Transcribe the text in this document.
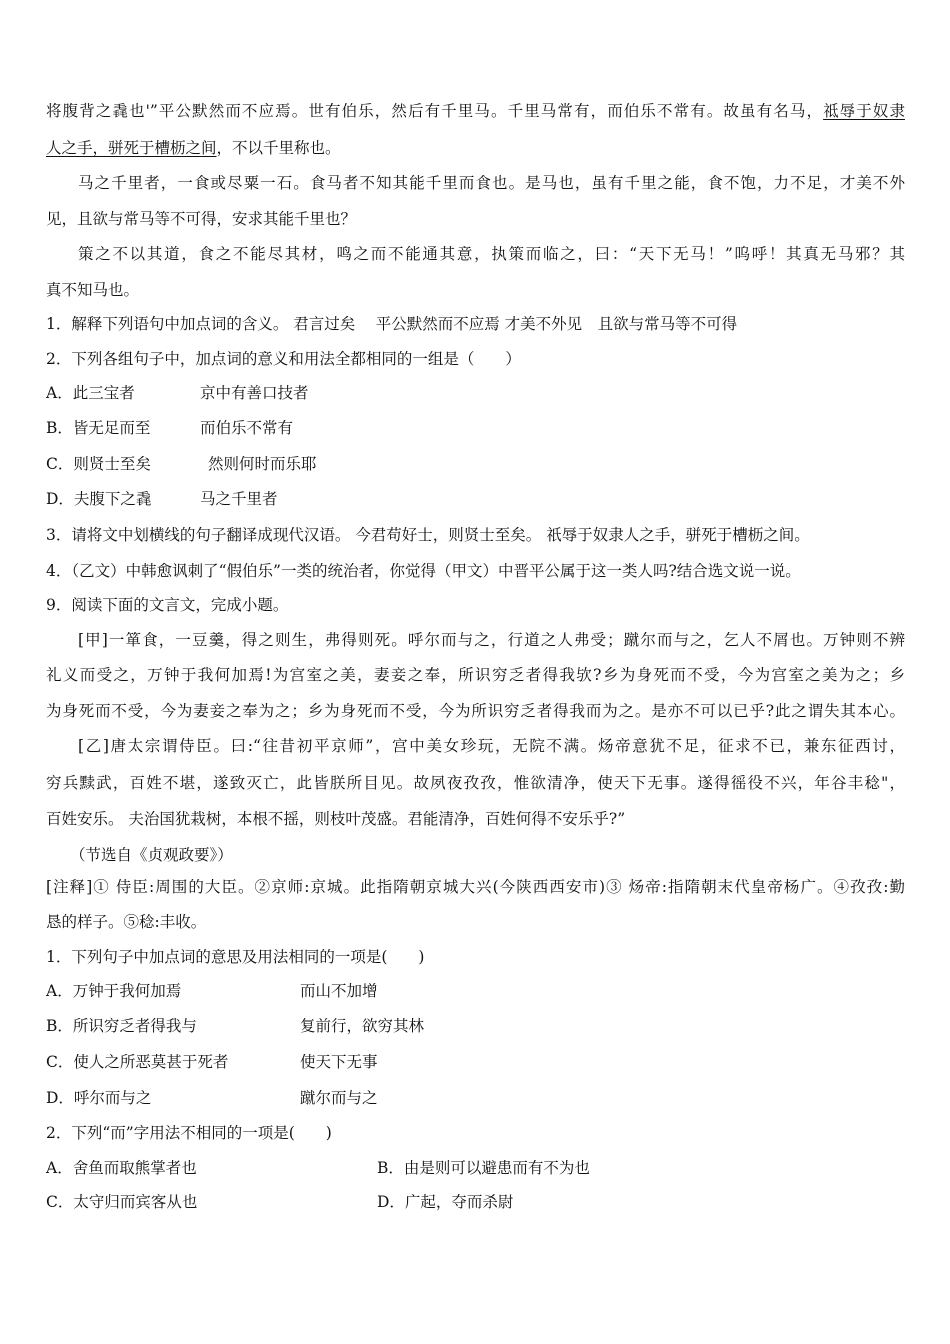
将腹背之毳也'”平公默然而不应焉。世有伯乐，然后有千里马。千里马常有，而伯乐不常有。故虽有名马，祗辱于奴隶
人之手，骈死于槽枥之间，不以千里称也。
马之千里者，一食或尽粟一石。食马者不知其能千里而食也。是马也，虽有千里之能，食不饱，力不足，才美不外
见，且欲与常马等不可得，安求其能千里也？
策之不以其道，食之不能尽其材，鸣之而不能通其意，执策而临之，曰：“天下无马！”呜呼！其真无马邪？其
真不知马也。
1．解释下列语句中加点词的含义。 君言过矣　 平公默然而不应焉 才美不外见　且欲与常马等不可得
2．下列各组句子中，加点词的意义和用法全都相同的一组是（　　）
A．此三宝者	京中有善口技者
B．皆无足而至	而伯乐不常有
C．则贤士至矣	然则何时而乐耶
D．夫腹下之毳	马之千里者
3．请将文中划横线的句子翻译成现代汉语。 今君苟好士，则贤士至矣。 祇辱于奴隶人之手，骈死于槽枥之间。
4．（乙文）中韩愈讽刺了“假伯乐”一类的统治者，你觉得（甲文）中晋平公属于这一类人吗?结合选文说一说。
9．阅读下面的文言文，完成小题。
[甲]一箪食，一豆羹，得之则生，弗得则死。呼尔而与之，行道之人弗受；蹴尔而与之，乞人不屑也。万钟则不辨
礼义而受之，万钟于我何加焉!为宫室之美，妻妾之奉，所识穷乏者得我欤?乡为身死而不受，今为宫室之美为之；乡
为身死而不受，今为妻妾之奉为之；乡为身死而不受，今为所识穷乏者得我而为之。是亦不可以已乎?此之谓失其本心。
[乙]唐太宗谓侍臣。曰:“往昔初平京师”，宫中美女珍玩，无院不满。炀帝意犹不足，征求不已，兼东征西讨，
穷兵黩武，百姓不堪，遂致灭亡，此皆朕所目见。故夙夜孜孜，惟欲清净，使天下无事。遂得徭役不兴，年谷丰稔"，
百姓安乐。 夫治国犹栽树，本根不摇，则枝叶茂盛。君能清净，百姓何得不安乐乎?”
（节选自《贞观政要》）
[注释]① 侍臣:周围的大臣。②京师:京城。此指隋朝京城大兴(今陕西西安市)③ 炀帝:指隋朝末代皇帝杨广。④孜孜:勤
恳的样子。⑤稔:丰收。
1．下列句子中加点词的意思及用法相同的一项是(　　)
A．万钟于我何加焉	而山不加增
B．所识穷乏者得我与	复前行，欲穷其林
C．使人之所恶莫甚于死者	使天下无事
D．呼尔而与之	蹴尔而与之
2．下列“而”字用法不相同的一项是(　　)
A．舍鱼而取熊掌者也	B．由是则可以避患而有不为也
C．太守归而宾客从也	D．广起，夺而杀尉
